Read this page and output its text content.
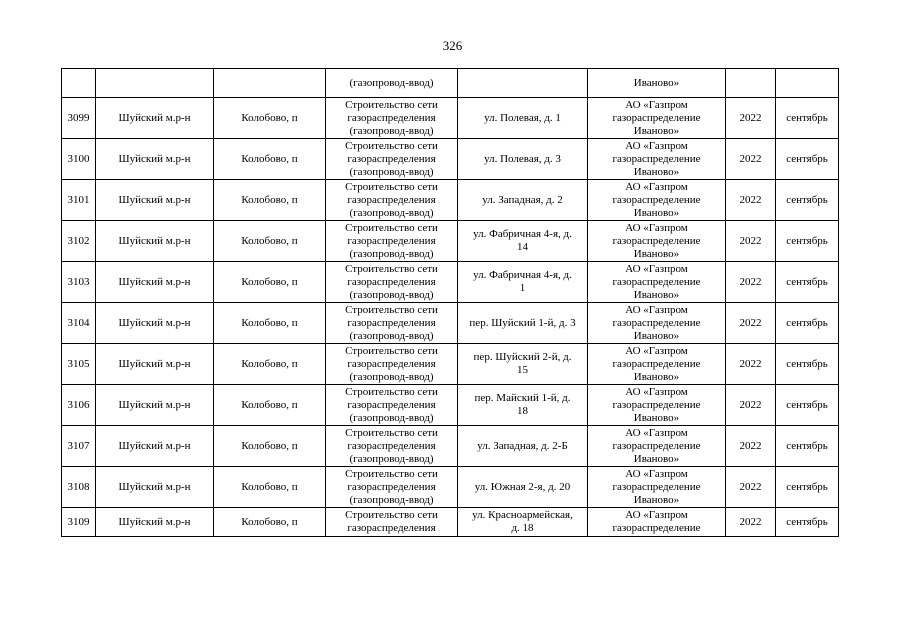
326
			(газопровод-ввод)		Иваново»		
3099	Шуйский м.р-н	Колобово, п	Строительство сети
газораспределения
(газопровод-ввод)	ул. Полевая, д. 1	АО «Газпром
газораспределение
Иваново»	2022	сентябрь
3100	Шуйский м.р-н	Колобово, п	Строительство сети
газораспределения
(газопровод-ввод)	ул. Полевая, д. 3	АО «Газпром
газораспределение
Иваново»	2022	сентябрь
3101	Шуйский м.р-н	Колобово, п	Строительство сети
газораспределения
(газопровод-ввод)	ул. Западная, д. 2	АО «Газпром
газораспределение
Иваново»	2022	сентябрь
3102	Шуйский м.р-н	Колобово, п	Строительство сети
газораспределения
(газопровод-ввод)	ул. Фабричная 4-я, д.
14	АО «Газпром
газораспределение
Иваново»	2022	сентябрь
3103	Шуйский м.р-н	Колобово, п	Строительство сети
газораспределения
(газопровод-ввод)	ул. Фабричная 4-я, д.
1	АО «Газпром
газораспределение
Иваново»	2022	сентябрь
3104	Шуйский м.р-н	Колобово, п	Строительство сети
газораспределения
(газопровод-ввод)	пер. Шуйский 1-й, д. 3	АО «Газпром
газораспределение
Иваново»	2022	сентябрь
3105	Шуйский м.р-н	Колобово, п	Строительство сети
газораспределения
(газопровод-ввод)	пер. Шуйский 2-й, д.
15	АО «Газпром
газораспределение
Иваново»	2022	сентябрь
3106	Шуйский м.р-н	Колобово, п	Строительство сети
газораспределения
(газопровод-ввод)	пер. Майский 1-й, д.
18	АО «Газпром
газораспределение
Иваново»	2022	сентябрь
3107	Шуйский м.р-н	Колобово, п	Строительство сети
газораспределения
(газопровод-ввод)	ул. Западная, д. 2-Б	АО «Газпром
газораспределение
Иваново»	2022	сентябрь
3108	Шуйский м.р-н	Колобово, п	Строительство сети
газораспределения
(газопровод-ввод)	ул. Южная 2-я, д. 20	АО «Газпром
газораспределение
Иваново»	2022	сентябрь
3109	Шуйский м.р-н	Колобово, п	Строительство сети
газораспределения	ул. Красноармейская,
д. 18	АО «Газпром
газораспределение	2022	сентябрь
